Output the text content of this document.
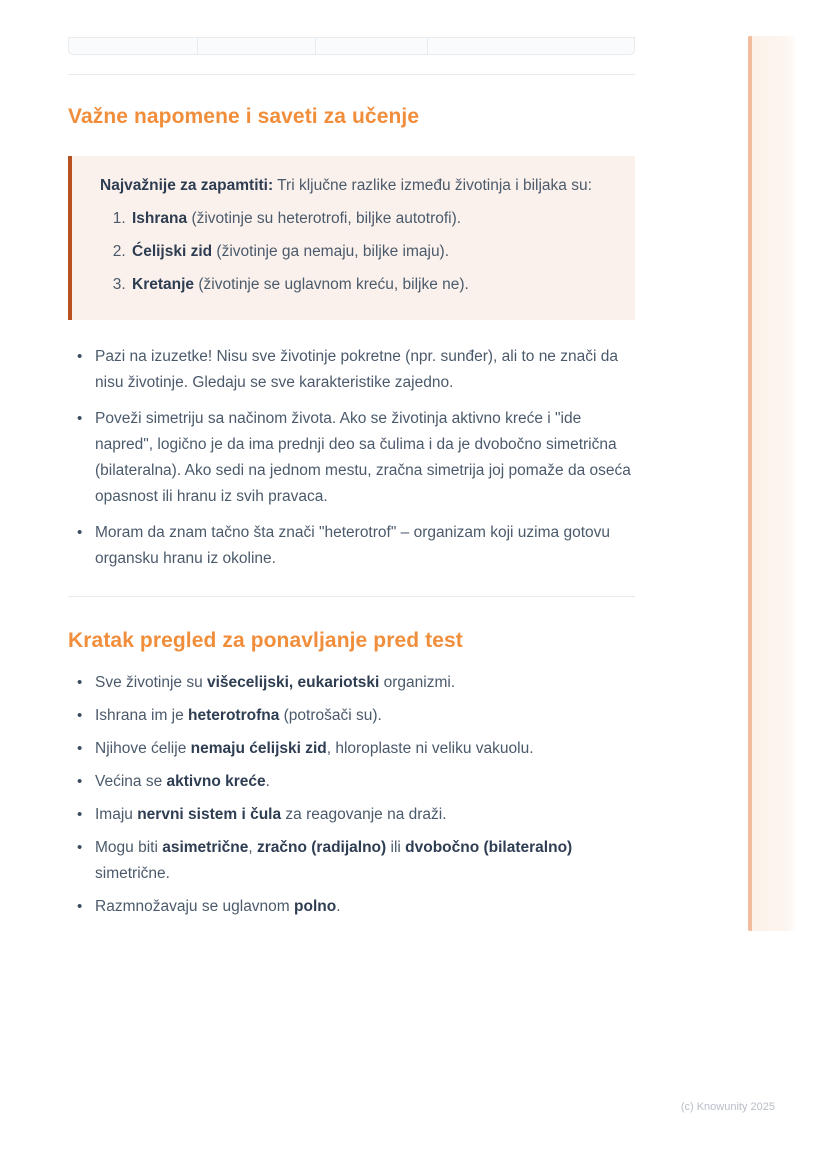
Važne napomene i saveti za učenje

Najvažnije za zapamtiti: Tri ključne razlike između životinja i biljaka su:

1. Ishrana (životinje su heterotrofi, biljke autotrofi).
2. Ćelijski zid (životinje ga nemaju, biljke imaju).
3. Kretanje (životinje se uglavnom kreću, biljke ne).
• Pazi na izuzetke! Nisu sve životinje pokretne (npr. sunđer), ali to ne znači da nisu životinje. Gledaju se sve karakteristike zajedno.
• Poveži simetriju sa načinom života. Ako se životinja aktivno kreće i "ide napred", logično je da ima prednji deo sa čulima i da je dvobočno simetrična (bilateralna). Ako sedi na jednom mestu, zračna simetrija joj pomaže da oseća opasnost ili hranu iz svih pravaca.
• Moram da znam tačno šta znači "heterotrof" – organizam koji uzima gotovu organsku hranu iz okoline.
Kratak pregled za ponavljanje pred test
• Sve životinje su višecelijski, eukariotski organizmi.
• Ishrana im je heterotrofna (potrošači su).
• Njihove ćelije nemaju ćelijski zid, hloroplaste ni veliku vakuolu.
• Većina se aktivno kreće.
• Imaju nervni sistem i čula za reagovanje na draži.
• Mogu biti asimetrične, zračno (radijalno) ili dvobočno (bilateralno) simetrične.
• Razmnožavaju se uglavnom polno.
(c) Knowunity 2025
